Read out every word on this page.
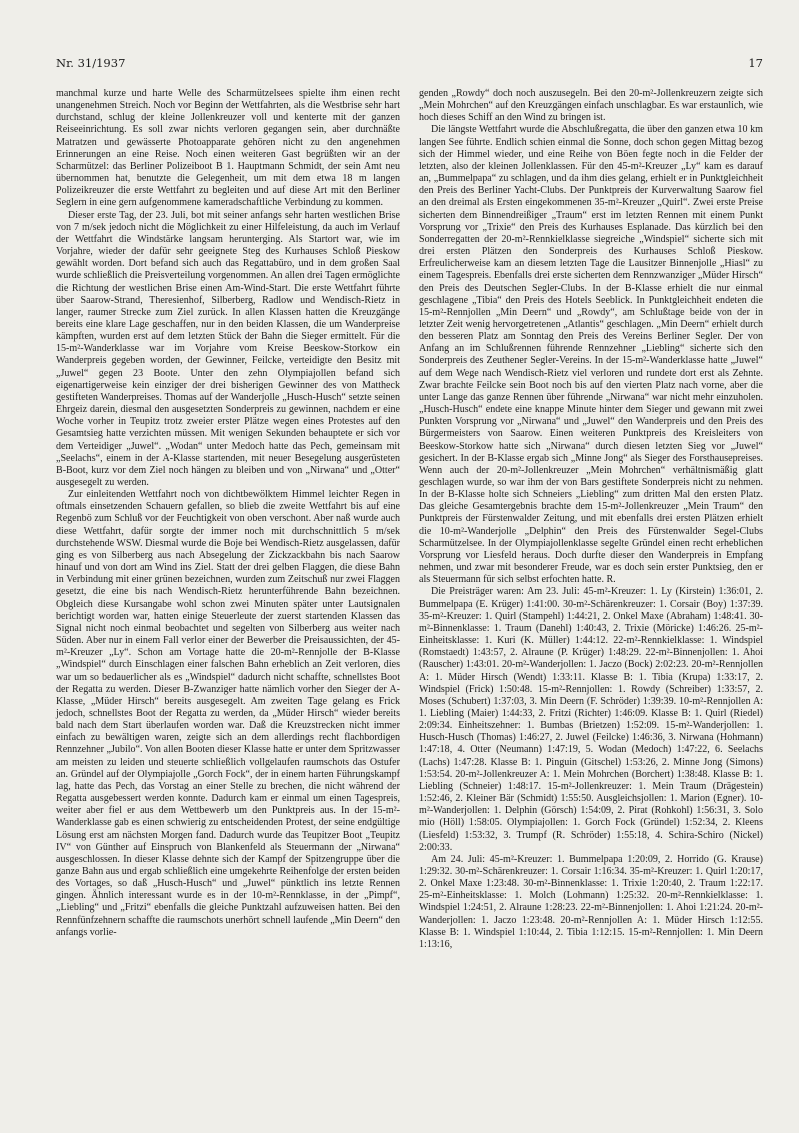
Nr. 31/1937	17

manchmal kurze und harte Welle des Scharmützelsees spielte ihm einen recht unangenehmen Streich. Noch vor Beginn der Wettfahrten, als die Westbrise sehr hart durchstand, schlug der kleine Jollenkreuzer voll und kenterte mit der ganzen Reiseeinrichtung. Es soll zwar nichts verloren gegangen sein, aber durchnäßte Matratzen und gewässerte Photoapparate gehören nicht zu den angenehmen Erinnerungen an eine Reise. Noch einen weiteren Gast begrüßten wir an der Scharmützel: das Berliner Polizeiboot B 1. Hauptmann Schmidt, der sein Amt neu übernommen hat, benutzte die Gelegenheit, um mit dem etwa 18 m langen Polizeikreuzer die erste Wettfahrt zu begleiten und auf diese Art mit den Berliner Seglern in eine gern aufgenommene kameradschaftliche Verbindung zu kommen.

Dieser erste Tag, der 23. Juli, bot mit seiner anfangs sehr harten westlichen Brise von 7 m/sek jedoch nicht die Möglichkeit zu einer Hilfeleistung, da auch im Verlauf der Wettfahrt die Windstärke langsam herunterging. Als Startort war, wie im Vorjahre, wieder der dafür sehr geeignete Steg des Kurhauses Schloß Pieskow gewählt worden. Dort befand sich auch das Regattabüro, und in dem großen Saal wurde schließlich die Preisverteilung vorgenommen. An allen drei Tagen ermöglichte die Richtung der westlichen Brise einen Am-Wind-Start. Die erste Wettfahrt führte über Saarow-Strand, Theresienhof, Silberberg, Radlow und Wendisch-Rietz in langer, raumer Strecke zum Ziel zurück. In allen Klassen hatten die Kreuzgänge bereits eine klare Lage geschaffen, nur in den beiden Klassen, die um Wanderpreise kämpften, wurden erst auf dem letzten Stück der Bahn die Sieger ermittelt. Für die 15-m²-Wanderklasse war im Vorjahre vom Kreise Beeskow-Storkow ein Wanderpreis gegeben worden, der Gewinner, Feilcke, verteidigte den Besitz mit „Juwel“ gegen 23 Boote. Unter den zehn Olympiajollen befand sich eigenartigerweise kein einziger der drei bisherigen Gewinner des von Mattheck gestifteten Wanderpreises. Thomas auf der Wanderjolle „Husch-Husch“ setzte seinen Ehrgeiz darein, diesmal den ausgesetzten Sonderpreis zu gewinnen, nachdem er eine Woche vorher in Teupitz trotz zweier erster Plätze wegen eines Protestes auf den Gesamtsieg hatte verzichten müssen. Mit wenigen Sekunden behauptete er sich vor dem Verteidiger „Juwel“. „Wodan“ unter Medoch hatte das Pech, gemeinsam mit „Seelachs“, einem in der A-Klasse startenden, mit neuer Besegelung ausgerüsteten B-Boot, kurz vor dem Ziel noch hängen zu bleiben und von „Nirwana“ und „Otter“ ausgesegelt zu werden.

Zur einleitenden Wettfahrt noch von dichtbewölktem Himmel leichter Regen in oftmals einsetzenden Schauern gefallen, so blieb die zweite Wettfahrt bis auf eine Regenbö zum Schluß vor der Feuchtigkeit von oben verschont. Aber naß wurde auch diese Wettfahrt, dafür sorgte der immer noch mit durchschnittlich 5 m/sek durchstehende WSW. Diesmal wurde die Boje bei Wendisch-Rietz ausgelassen, dafür ging es von Silberberg aus nach Absegelung der Zickzackbahn bis nach Saarow hinauf und von dort am Wind ins Ziel. Statt der drei gelben Flaggen, die diese Bahn in Verbindung mit einer grünen bezeichnen, wurden zum Zeitschuß nur zwei Flaggen gesetzt, die eine bis nach Wendisch-Rietz herunterführende Bahn bezeichnen. Obgleich diese Kursangabe wohl schon zwei Minuten später unter Lautsignalen berichtigt worden war, hatten einige Steuerleute der zuerst startenden Klassen das Signal nicht noch einmal beobachtet und segelten von Silberberg aus weiter nach Süden. Aber nur in einem Fall verlor einer der Bewerber die Preisaussichten, der 45-m²-Kreuzer „Ly“. Schon am Vortage hatte die 20-m²-Rennjolle der B-Klasse „Windspiel“ durch Einschlagen einer falschen Bahn erheblich an Zeit verloren, dies war um so bedauerlicher als es „Windspiel“ dadurch nicht schaffte, schnellstes Boot der Regatta zu werden. Dieser B-Zwanziger hatte nämlich vorher den Sieger der A-Klasse, „Müder Hirsch“ bereits ausgesegelt. Am zweiten Tage gelang es Frick jedoch, schnellstes Boot der Regatta zu werden, da „Müder Hirsch“ wieder bereits bald nach dem Start überlaufen worden war. Daß die Kreuzstrecken nicht immer einfach zu bewältigen waren, zeigte sich an dem allerdings recht flachbordigen Rennzehner „Jubilo“. Von allen Booten dieser Klasse hatte er unter dem Spritzwasser am meisten zu leiden und steuerte schließlich vollgelaufen raumschots das Ostufer an. Gründel auf der Olympiajolle „Gorch Fock“, der in einem harten Führungskampf lag, hatte das Pech, das Vorstag an einer Stelle zu brechen, die nicht während der Regatta ausgebessert werden konnte. Dadurch kam er einmal um einen Tagespreis, weiter aber fiel er aus dem Wettbewerb um den Punktpreis aus. In der 15-m²-Wanderklasse gab es einen schwierig zu entscheidenden Protest, der seine endgültige Lösung erst am nächsten Morgen fand. Dadurch wurde das Teupitzer Boot „Teupitz IV“ von Günther auf Einspruch von Blankenfeld als Steuermann der „Nirwana“ ausgeschlossen. In dieser Klasse dehnte sich der Kampf der Spitzengruppe über die ganze Bahn aus und ergab schließlich eine umgekehrte Reihenfolge der ersten beiden des Vortages, so daß „Husch-Husch“ und „Juwel“ pünktlich ins letzte Rennen gingen. Ähnlich interessant wurde es in der 10-m²-Rennklasse, in der „Pimpf“, „Liebling“ und „Fritzi“ ebenfalls die gleiche Punktzahl aufzuweisen hatten. Bei den Rennfünfzehnern schaffte die raumschots unerhört schnell laufende „Min Deern“ den anfangs vorlie-

genden „Rowdy“ doch noch auszusegeln. Bei den 20-m²-Jollenkreuzern zeigte sich „Mein Mohrchen“ auf den Kreuzgängen einfach unschlagbar. Es war erstaunlich, wie hoch dieses Schiff an den Wind zu bringen ist.

Die längste Wettfahrt wurde die Abschlußregatta, die über den ganzen etwa 10 km langen See führte. Endlich schien einmal die Sonne, doch schon gegen Mittag bezog sich der Himmel wieder, und eine Reihe von Böen fegte noch in die Felder der letzten, also der kleinen Jollenklassen. Für den 45-m²-Kreuzer „Ly“ kam es darauf an, „Bummelpapa“ zu schlagen, und da ihm dies gelang, erhielt er in Punktgleichheit den Preis des Berliner Yacht-Clubs. Der Punktpreis der Kurverwaltung Saarow fiel an den dreimal als Ersten eingekommenen 35-m²-Kreuzer „Quirl“. Zwei erste Preise sicherten dem Binnendreißiger „Traum“ erst im letzten Rennen mit einem Punkt Vorsprung vor „Trixie“ den Preis des Kurhauses Esplanade. Das kürzlich bei den Sonderregatten der 20-m²-Rennkielklasse siegreiche „Windspiel“ sicherte sich mit drei ersten Plätzen den Sonderpreis des Kurhauses Schloß Pieskow. Erfreulicherweise kam an diesem letzten Tage die Lausitzer Binnenjolle „Hiasl“ zu einem Tagespreis. Ebenfalls drei erste sicherten dem Rennzwanziger „Müder Hirsch“ den Preis des Deutschen Segler-Clubs. In der B-Klasse erhielt die nur einmal geschlagene „Tibia“ den Preis des Hotels Seeblick. In Punktgleichheit endeten die 15-m²-Rennjollen „Min Deern“ und „Rowdy“, am Schlußtage beide von der in letzter Zeit wenig hervorgetretenen „Atlantis“ geschlagen. „Min Deern“ erhielt durch den besseren Platz am Sonntag den Preis des Vereins Berliner Segler. Der von Anfang an im Schlußrennen führende Rennzehner „Liebling“ sicherte sich den Sonderpreis des Zeuthener Segler-Vereins. In der 15-m²-Wanderklasse hatte „Juwel“ auf dem Wege nach Wendisch-Rietz viel verloren und rundete dort erst als Zehnte. Zwar brachte Feilcke sein Boot noch bis auf den vierten Platz nach vorne, aber die unter Lange das ganze Rennen über führende „Nirwana“ war nicht mehr einzuholen. „Husch-Husch“ endete eine knappe Minute hinter dem Sieger und gewann mit zwei Punkten Vorsprung vor „Nirwana“ und „Juwel“ den Wanderpreis und den Preis des Bürgermeisters von Saarow. Einen weiteren Punktpreis des Kreisleiters von Beeskow-Storkow hatte sich „Nirwana“ durch diesen letzten Sieg vor „Juwel“ gesichert. In der B-Klasse ergab sich „Minne Jong“ als Sieger des Forsthausepreises. Wenn auch der 20-m²-Jollenkreuzer „Mein Mohrchen“ verhältnismäßig glatt geschlagen wurde, so war ihm der von Bars gestiftete Sonderpreis nicht zu nehmen. In der B-Klasse holte sich Schneiers „Liebling“ zum dritten Mal den ersten Platz. Das gleiche Gesamtergebnis brachte dem 15-m²-Jollenkreuzer „Mein Traum“ den Punktpreis der Fürstenwalder Zeitung, und mit ebenfalls drei ersten Plätzen erhielt die 10-m²-Wanderjolle „Delphin“ den Preis des Fürstenwalder Segel-Clubs Scharmützelsee. In der Olympiajollenklasse segelte Gründel einen recht erheblichen Vorsprung vor Liesfeld heraus. Doch durfte dieser den Wanderpreis in Empfang nehmen, und zwar mit besonderer Freude, war es doch sein erster Punktsieg, den er als Steuermann für sich selbst erfochten hatte. R.

Die Preisträger waren: Am 23. Juli: 45-m²-Kreuzer: 1. Ly (Kirstein) 1:36:01, 2. Bummelpapa (E. Krüger) 1:41:00. 30-m²-Schärenkreuzer: 1. Corsair (Boy) 1:37:39. 35-m²-Kreuzer: 1. Quirl (Stampehl) 1:44:21, 2. Onkel Maxe (Abraham) 1:48:41. 30-m²-Binnenklasse: 1. Traum (Danehl) 1:40:43, 2. Trixie (Möricke) 1:46:26. 25-m²-Einheitsklasse: 1. Kuri (K. Müller) 1:44:12. 22-m²-Rennkielklasse: 1. Windspiel (Romstaedt) 1:43:57, 2. Alraune (P. Krüger) 1:48:29. 22-m²-Binnenjollen: 1. Ahoi (Rauscher) 1:43:01. 20-m²-Wanderjollen: 1. Jaczo (Bock) 2:02:23. 20-m²-Rennjollen A: 1. Müder Hirsch (Wendt) 1:33:11. Klasse B: 1. Tibia (Krupa) 1:33:17, 2. Windspiel (Frick) 1:50:48. 15-m²-Rennjollen: 1. Rowdy (Schreiber) 1:33:57, 2. Moses (Schubert) 1:37:03, 3. Min Deern (F. Schröder) 1:39:39. 10-m²-Rennjollen A: 1. Liebling (Maier) 1:44:33, 2. Fritzi (Richter) 1:46:09. Klasse B: 1. Quirl (Riedel) 2:09:34. Einheitszehner: 1. Bumbas (Brietzen) 1:52:09. 15-m²-Wanderjollen: 1. Husch-Husch (Thomas) 1:46:27, 2. Juwel (Feilcke) 1:46:36, 3. Nirwana (Hohmann) 1:47:18, 4. Otter (Neumann) 1:47:19, 5. Wodan (Medoch) 1:47:22, 6. Seelachs (Lachs) 1:47:28. Klasse B: 1. Pinguin (Gitschel) 1:53:26, 2. Minne Jong (Simons) 1:53:54. 20-m²-Jollenkreuzer A: 1. Mein Mohrchen (Borchert) 1:38:48. Klasse B: 1. Liebling (Schneier) 1:48:17. 15-m²-Jollenkreuzer: 1. Mein Traum (Drägestein) 1:52:46, 2. Kleiner Bär (Schmidt) 1:55:50. Ausgleichsjollen: 1. Marion (Egner). 10-m²-Wanderjollen: 1. Delphin (Görsch) 1:54:09, 2. Pirat (Rohkohl) 1:56:31, 3. Solo mio (Höll) 1:58:05. Olympiajollen: 1. Gorch Fock (Gründel) 1:52:34, 2. Kleens (Liesfeld) 1:53:32, 3. Trumpf (R. Schröder) 1:55:18, 4. Schira-Schiro (Nickel) 2:00:33.

Am 24. Juli: 45-m²-Kreuzer: 1. Bummelpapa 1:20:09, 2. Horrido (G. Krause) 1:29:32. 30-m²-Schärenkreuzer: 1. Corsair 1:16:34. 35-m²-Kreuzer: 1. Quirl 1:20:17, 2. Onkel Maxe 1:23:48. 30-m²-Binnenklasse: 1. Trixie 1:20:40, 2. Traum 1:22:17. 25-m²-Einheitsklasse: 1. Molch (Lohmann) 1:25:32. 20-m²-Rennkielklasse: 1. Windspiel 1:24:51, 2. Alraune 1:28:23. 22-m²-Binnenjollen: 1. Ahoi 1:21:24. 20-m²-Wanderjollen: 1. Jaczo 1:23:48. 20-m²-Rennjollen A: 1. Müder Hirsch 1:12:55. Klasse B: 1. Windspiel 1:10:44, 2. Tibia 1:12:15. 15-m²-Rennjollen: 1. Min Deern 1:13:16,
